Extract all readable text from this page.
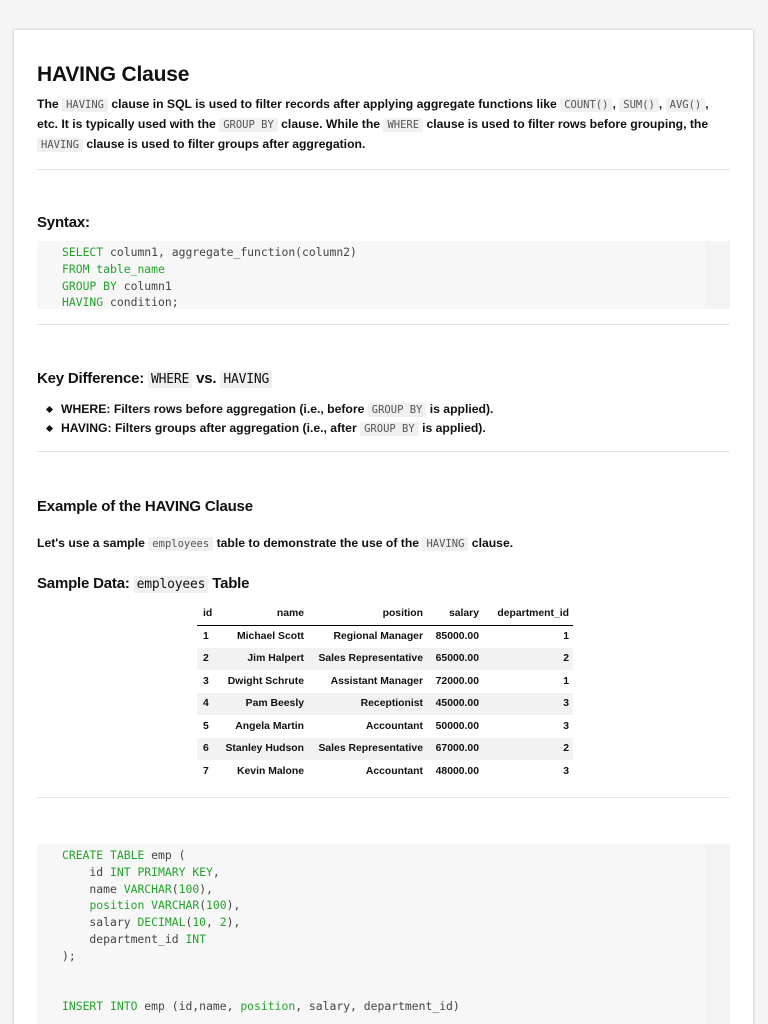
HAVING Clause

The HAVING clause in SQL is used to filter records after applying aggregate functions like COUNT() , SUM() , AVG() , etc. It is typically used with the GROUP BY clause. While the WHERE clause is used to filter rows before grouping, the HAVING clause is used to filter groups after aggregation.

Syntax:
SELECT column1, aggregate_function(column2)
FROM table_name
GROUP BY column1
HAVING condition;
Key Difference: WHERE vs. HAVING
WHERE: Filters rows before aggregation (i.e., before GROUP BY is applied).
HAVING: Filters groups after aggregation (i.e., after GROUP BY is applied).
Example of the HAVING Clause

Let's use a sample employees table to demonstrate the use of the HAVING clause.

Sample Data: employees Table
id	name	position	salary	department_id
1	Michael Scott	Regional Manager	85000.00	1
2	Jim Halpert	Sales Representative	65000.00	2
3	Dwight Schrute	Assistant Manager	72000.00	1
4	Pam Beesly	Receptionist	45000.00	3
5	Angela Martin	Accountant	50000.00	3
6	Stanley Hudson	Sales Representative	67000.00	2
7	Kevin Malone	Accountant	48000.00	3
CREATE TABLE emp (
id INT PRIMARY KEY,
name VARCHAR(100),
position VARCHAR(100),
salary DECIMAL(10, 2),
department_id INT
);

INSERT INTO emp (id,name, position, salary, department_id)
